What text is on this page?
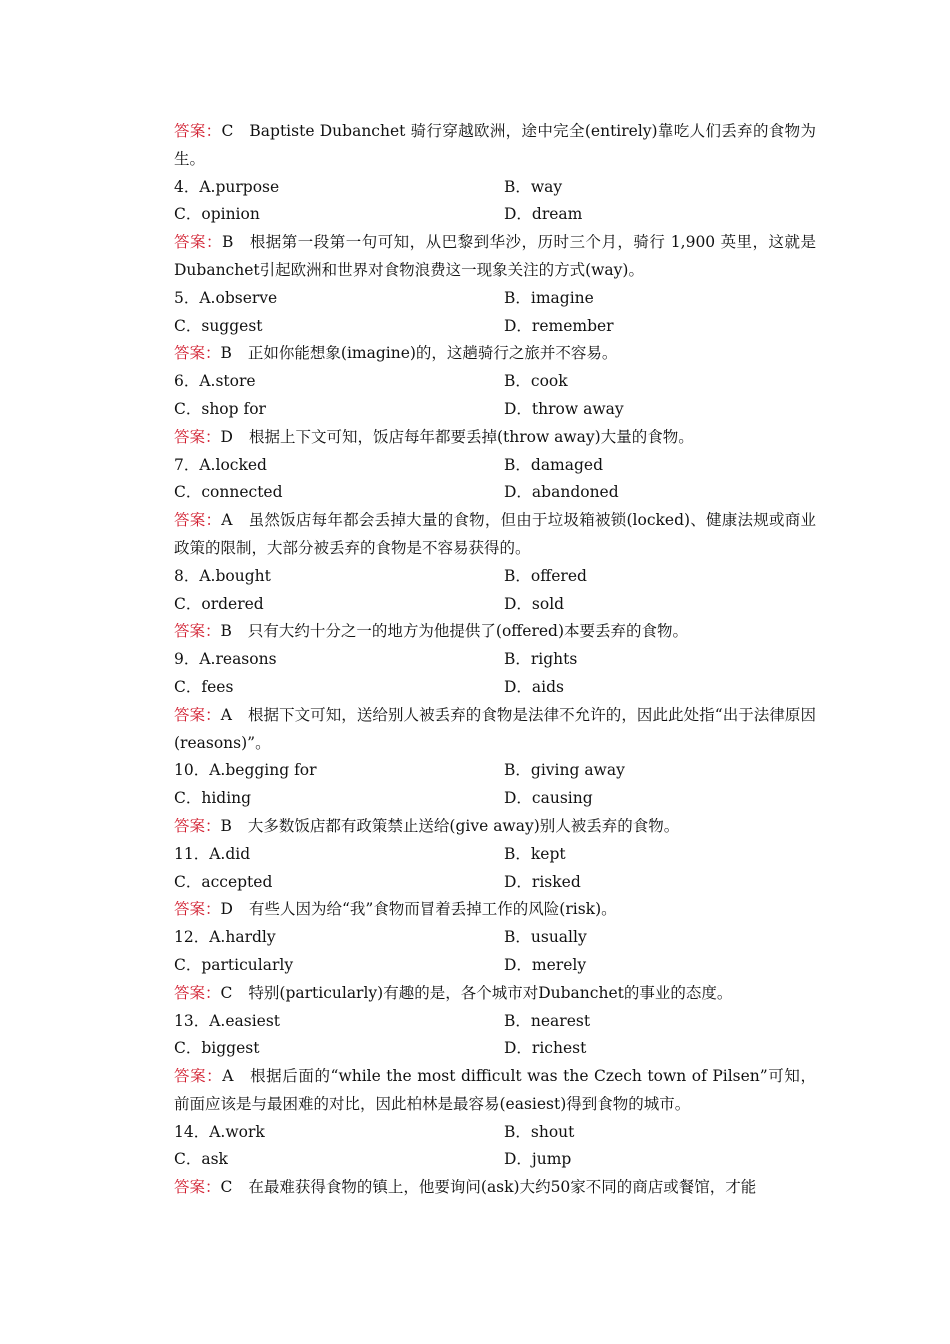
答案：C Baptiste Dubanchet 骑行穿越欧洲，途中完全(entirely)靠吃人们丢弃的食物为生。
4．A.purpose	B．way
C．opinion	D．dream
答案：B 根据第一段第一句可知，从巴黎到华沙，历时三个月，骑行 1,900 英里，这就是Dubanchet引起欧洲和世界对食物浪费这一现象关注的方式(way)。
5．A.observe	B．imagine
C．suggest	D．remember
答案：B 正如你能想象(imagine)的，这趟骑行之旅并不容易。
6．A.store	B．cook
C．shop for	D．throw away
答案：D 根据上下文可知，饭店每年都要丢掉(throw away)大量的食物。
7．A.locked	B．damaged
C．connected	D．abandoned
答案：A 虽然饭店每年都会丢掉大量的食物，但由于垃圾箱被锁(locked)、健康法规或商业政策的限制，大部分被丢弃的食物是不容易获得的。
8．A.bought	B．offered
C．ordered	D．sold
答案：B 只有大约十分之一的地方为他提供了(offered)本要丢弃的食物。
9．A.reasons	B．rights
C．fees	D．aids
答案：A 根据下文可知，送给别人被丢弃的食物是法律不允许的，因此此处指“出于法律原因(reasons)”。
10．A.begging for	B．giving away
C．hiding	D．causing
答案：B 大多数饭店都有政策禁止送给(give away)别人被丢弃的食物。
11．A.did	B．kept
C．accepted	D．risked
答案：D 有些人因为给“我”食物而冒着丢掉工作的风险(risk)。
12．A.hardly	B．usually
C．particularly	D．merely
答案：C 特别(particularly)有趣的是，各个城市对Dubanchet的事业的态度。
13．A.easiest	B．nearest
C．biggest	D．richest
答案：A 根据后面的“while the most difficult was the Czech town of Pilsen”可知，前面应该是与最困难的对比，因此柏林是最容易(easiest)得到食物的城市。
14．A.work	B．shout
C．ask	D．jump
答案：C 在最难获得食物的镇上，他要询问(ask)大约50家不同的商店或餐馆，才能
